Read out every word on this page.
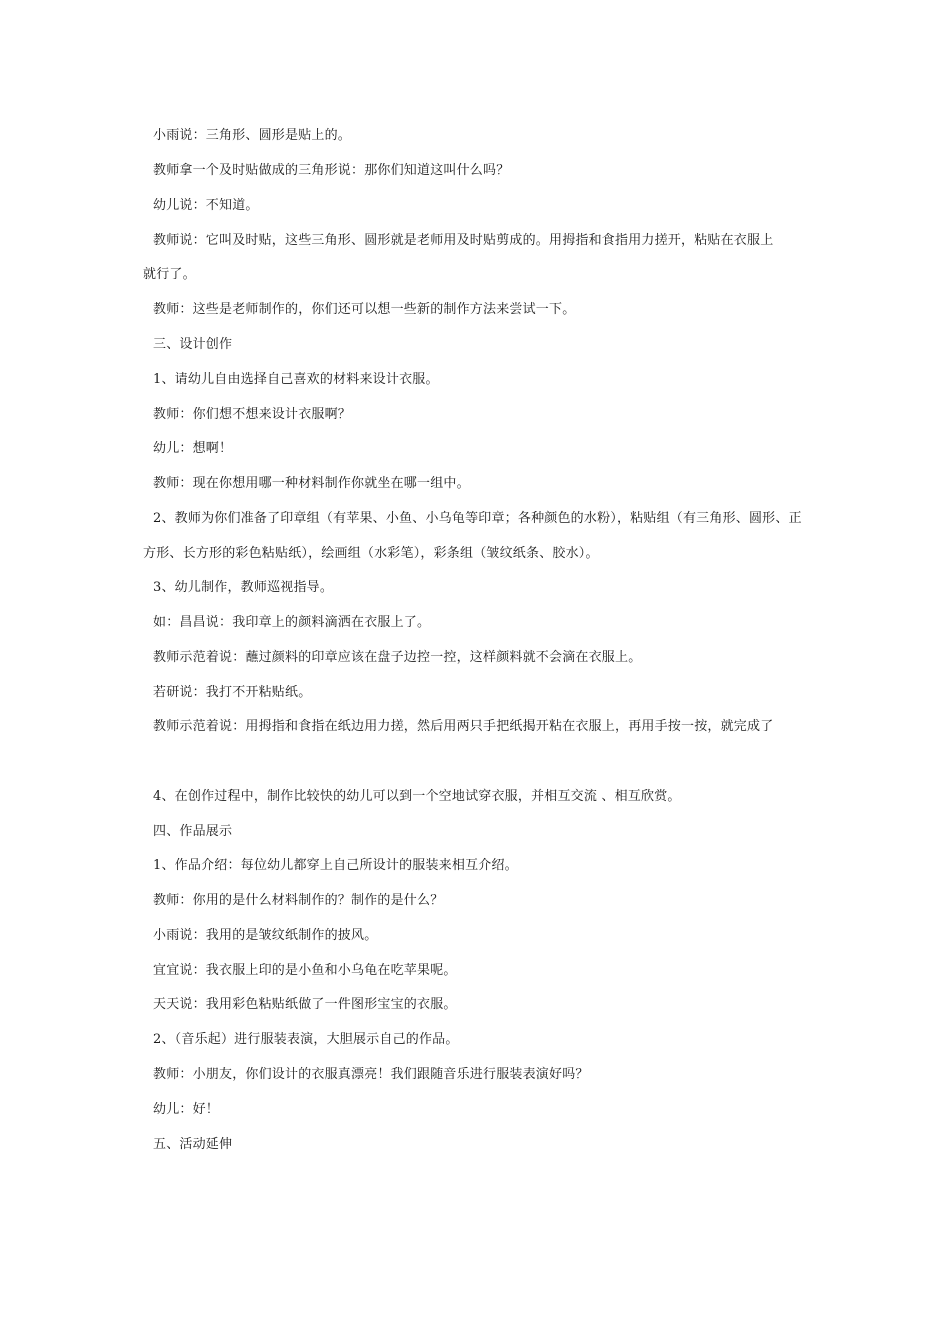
小雨说：三角形、圆形是贴上的。
教师拿一个及时贴做成的三角形说：那你们知道这叫什么吗？
幼儿说：不知道。
教师说：它叫及时贴，这些三角形、圆形就是老师用及时贴剪成的。用拇指和食指用力搓开，粘贴在衣服上
就行了。
教师：这些是老师制作的，你们还可以想一些新的制作方法来尝试一下。
三、设计创作
1、请幼儿自由选择自己喜欢的材料来设计衣服。
教师：你们想不想来设计衣服啊？
幼儿：想啊！
教师：现在你想用哪一种材料制作你就坐在哪一组中。
2、教师为你们准备了印章组（有苹果、小鱼、小乌龟等印章；各种颜色的水粉），粘贴组（有三角形、圆形、正
方形、长方形的彩色粘贴纸），绘画组（水彩笔），彩条组（皱纹纸条、胶水）。
3、幼儿制作，教师巡视指导。
如：昌昌说：我印章上的颜料滴洒在衣服上了。
教师示范着说：蘸过颜料的印章应该在盘子边控一控，这样颜料就不会滴在衣服上。
若研说：我打不开粘贴纸。
教师示范着说：用拇指和食指在纸边用力搓，然后用两只手把纸揭开粘在衣服上，再用手按一按，就完成了
4、在创作过程中，制作比较快的幼儿可以到一个空地试穿衣服，并相互交流 、相互欣赏。
四、作品展示
1、作品介绍：每位幼儿都穿上自己所设计的服装来相互介绍。
教师：你用的是什么材料制作的？制作的是什么？
小雨说：我用的是皱纹纸制作的披风。
宜宜说：我衣服上印的是小鱼和小乌龟在吃苹果呢。
天天说：我用彩色粘贴纸做了一件图形宝宝的衣服。
2、（音乐起）进行服装表演，大胆展示自己的作品。
教师：小朋友，你们设计的衣服真漂亮！我们跟随音乐进行服装表演好吗？
幼儿：好！
五、活动延伸
